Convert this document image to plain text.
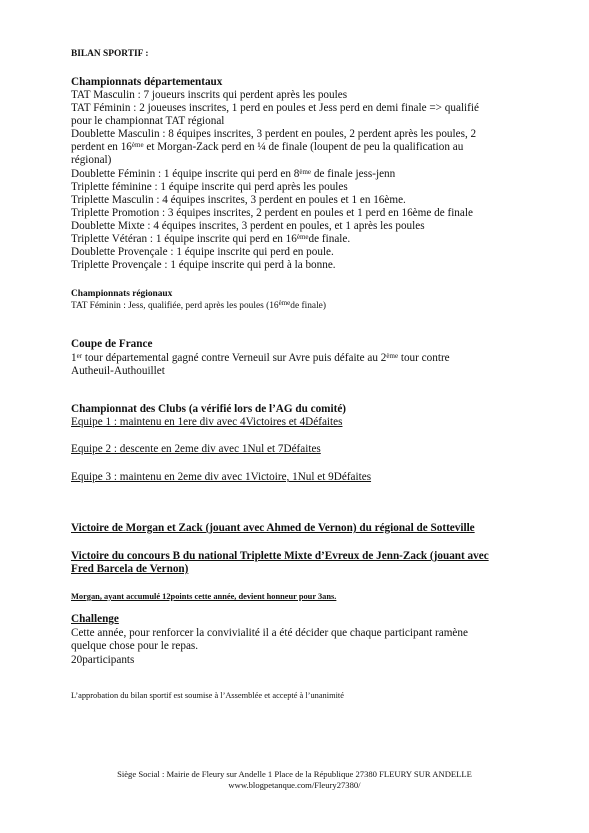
BILAN SPORTIF :
Championnats départementaux
TAT Masculin : 7 joueurs inscrits qui perdent après les poules
TAT Féminin : 2 joueuses inscrites, 1 perd en poules et Jess perd en demi finale => qualifié
pour le championnat TAT régional
Doublette Masculin : 8 équipes inscrites, 3 perdent en poules, 2 perdent après les poules, 2
perdent en 16ème et Morgan-Zack perd en ¼ de finale (loupent de peu la qualification au
régional)
Doublette Féminin : 1 équipe inscrite qui perd en 8ème de finale jess-jenn
Triplette féminine : 1 équipe inscrite qui perd après les poules
Triplette Masculin : 4 équipes inscrites, 3 perdent en poules et 1 en 16ème.
Triplette Promotion : 3 équipes inscrites, 2 perdent en poules et 1 perd en 16ème de finale
Doublette Mixte : 4 équipes inscrites, 3 perdent en poules, et 1 après les poules
Triplette Vétéran : 1 équipe inscrite qui perd en 16èmede finale.
Doublette Provençale : 1 équipe inscrite qui perd en poule.
Triplette Provençale : 1 équipe inscrite qui perd à la bonne.
Championnats régionaux
TAT Féminin : Jess, qualifiée, perd après les poules (16èmede finale)
Coupe de France
1er tour départemental gagné contre Verneuil sur Avre puis défaite au 2ème tour contre
Autheuil-Authouillet
Championnat des Clubs (a vérifié lors de l’AG du comité)
Equipe 1 : maintenu en 1ere div avec 4Victoires et 4Défaites
Equipe 2 : descente en 2eme div avec 1Nul et 7Défaites
Equipe 3 : maintenu en 2eme div avec 1Victoire, 1Nul et 9Défaites
Victoire de Morgan et Zack (jouant avec Ahmed de Vernon) du régional de Sotteville
Victoire du concours B du national Triplette Mixte d’Evreux de Jenn-Zack (jouant avec
Fred Barcela de Vernon)
Morgan, ayant accumulé 12points cette année, devient honneur pour 3ans.
Challenge
Cette année, pour renforcer la convivialité il a été décider que chaque participant ramène
quelque chose pour le repas.
20participants
L’approbation du bilan sportif est soumise à l’Assemblée et accepté à l’unanimité
Siège Social : Mairie de Fleury sur Andelle 1 Place de la République 27380 FLEURY SUR ANDELLE
www.blogpetanque.com/Fleury27380/
